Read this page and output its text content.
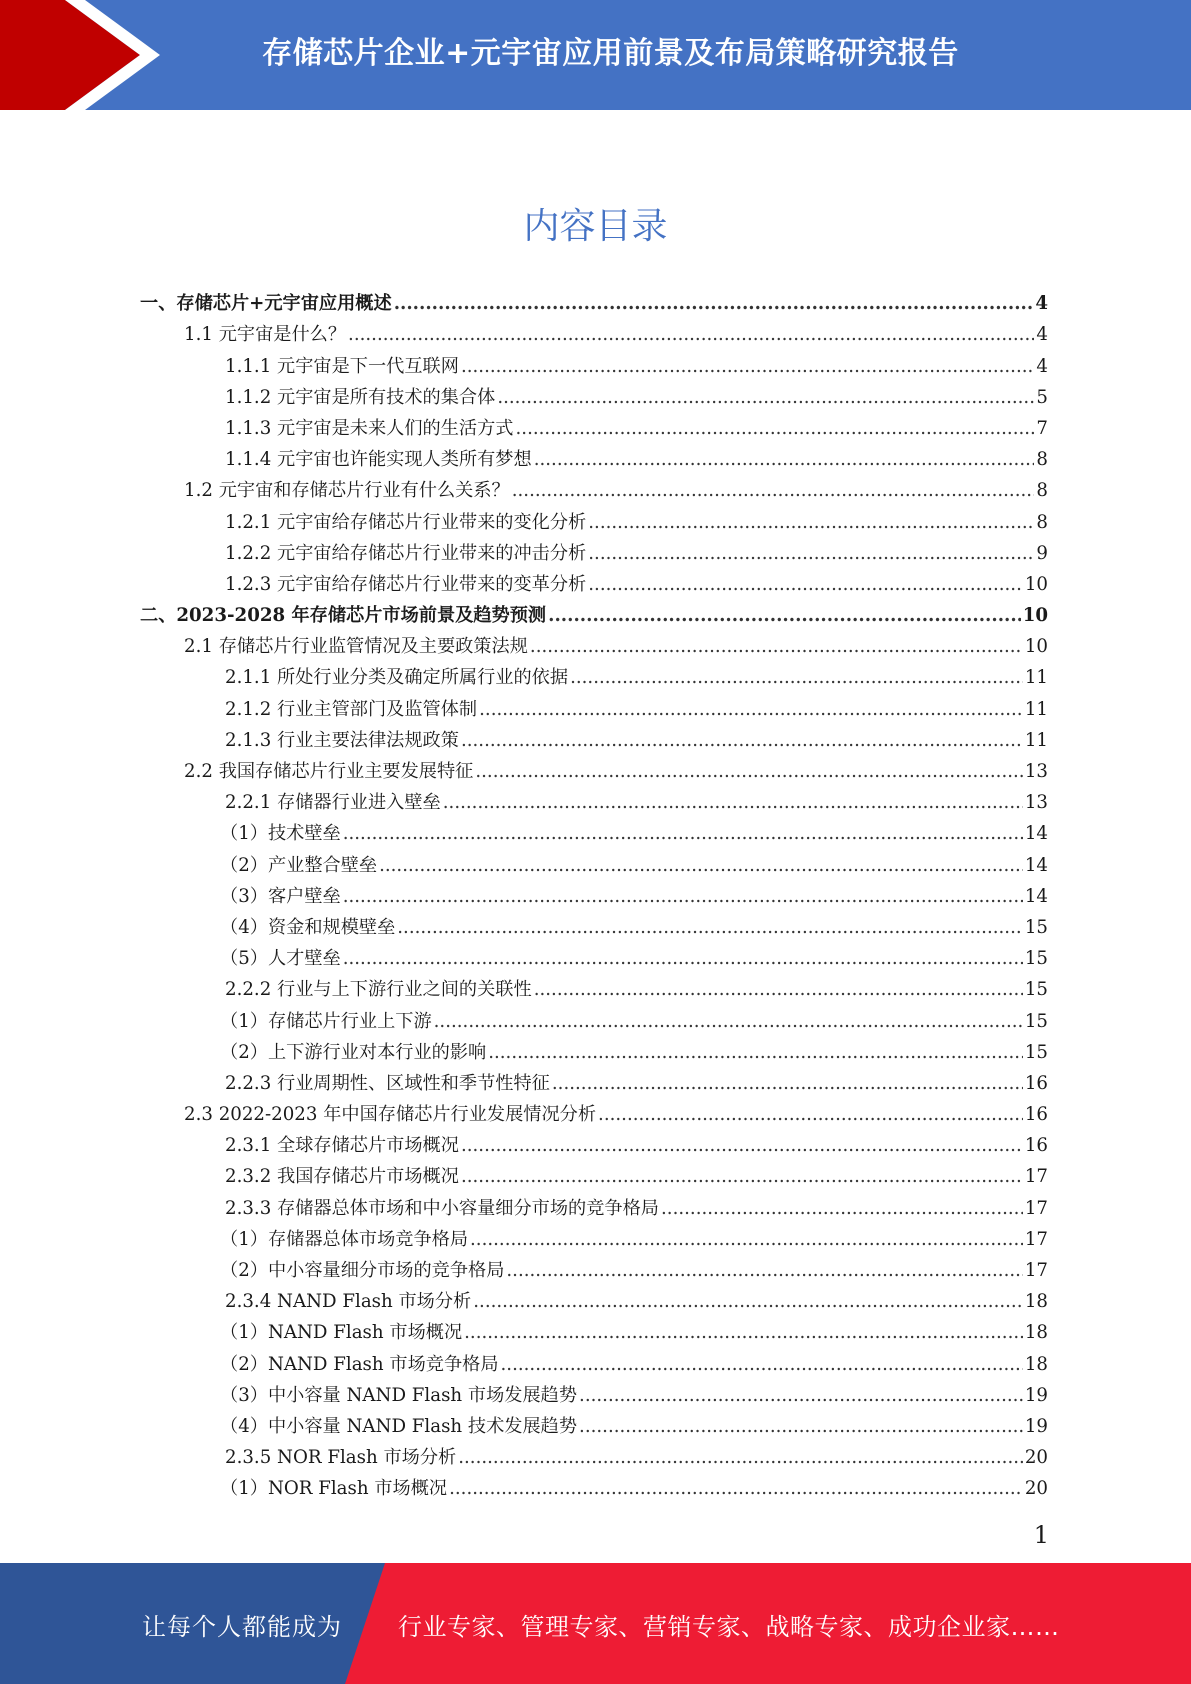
存储芯片企业+元宇宙应用前景及布局策略研究报告
内容目录
一、存储芯片+元宇宙应用概述 .....	4
1.1 元宇宙是什么？ .....	4
1.1.1 元宇宙是下一代互联网 .....	4
1.1.2 元宇宙是所有技术的集合体 .....	5
1.1.3 元宇宙是未来人们的生活方式 .....	7
1.1.4 元宇宙也许能实现人类所有梦想 .....	8
1.2 元宇宙和存储芯片行业有什么关系？ .....	8
1.2.1 元宇宙给存储芯片行业带来的变化分析 .....	8
1.2.2 元宇宙给存储芯片行业带来的冲击分析 .....	9
1.2.3 元宇宙给存储芯片行业带来的变革分析 .....	10
二、2023-2028 年存储芯片市场前景及趋势预测 .....	10
2.1 存储芯片行业监管情况及主要政策法规 .....	10
2.1.1 所处行业分类及确定所属行业的依据 .....	11
2.1.2 行业主管部门及监管体制 .....	11
2.1.3 行业主要法律法规政策 .....	11
2.2 我国存储芯片行业主要发展特征 .....	13
2.2.1 存储器行业进入壁垒 .....	13
（1）技术壁垒 .....	14
（2）产业整合壁垒 .....	14
（3）客户壁垒 .....	14
（4）资金和规模壁垒 .....	15
（5）人才壁垒 .....	15
2.2.2 行业与上下游行业之间的关联性 .....	15
（1）存储芯片行业上下游 .....	15
（2）上下游行业对本行业的影响 .....	15
2.2.3 行业周期性、区域性和季节性特征 .....	16
2.3 2022-2023 年中国存储芯片行业发展情况分析 .....	16
2.3.1 全球存储芯片市场概况 .....	16
2.3.2 我国存储芯片市场概况 .....	17
2.3.3 存储器总体市场和中小容量细分市场的竞争格局 .....	17
（1）存储器总体市场竞争格局 .....	17
（2）中小容量细分市场的竞争格局 .....	17
2.3.4 NAND Flash 市场分析 .....	18
（1）NAND Flash 市场概况 .....	18
（2）NAND Flash 市场竞争格局 .....	18
（3）中小容量 NAND Flash 市场发展趋势 .....	19
（4）中小容量 NAND Flash 技术发展趋势 .....	19
2.3.5 NOR Flash 市场分析 .....	20
（1）NOR Flash 市场概况 .....	20
1
让每个人都能成为 行业专家、管理专家、营销专家、战略专家、成功企业家……
